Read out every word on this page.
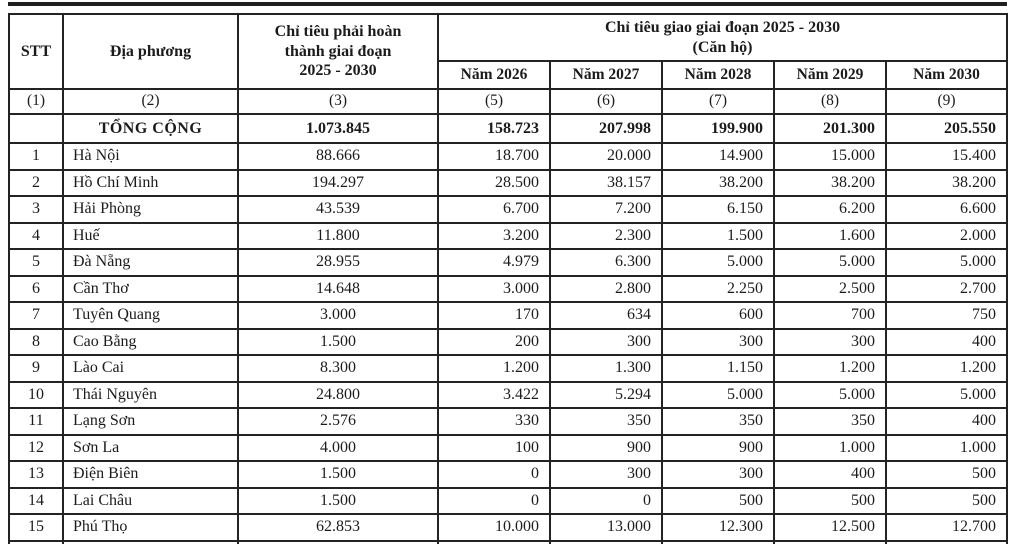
STT	Địa phương	Chỉ tiêu phải hoàn
thành giai đoạn
2025 - 2030	Chỉ tiêu giao giai đoạn 2025 - 2030
(Căn hộ)				

			Năm 2026	Năm 2027	Năm 2028	Năm 2029	Năm 2030
(1)	(2)	(3)	(5)	(6)	(7)	(8)	(9)
	TỔNG CỘNG	1.073.845	158.723	207.998	199.900	201.300	205.550
1	Hà Nội	88.666	18.700	20.000	14.900	15.000	15.400
2	Hồ Chí Minh	194.297	28.500	38.157	38.200	38.200	38.200
3	Hải Phòng	43.539	6.700	7.200	6.150	6.200	6.600
4	Huế	11.800	3.200	2.300	1.500	1.600	2.000
5	Đà Nẵng	28.955	4.979	6.300	5.000	5.000	5.000
6	Cần Thơ	14.648	3.000	2.800	2.250	2.500	2.700
7	Tuyên Quang	3.000	170	634	600	700	750
8	Cao Bằng	1.500	200	300	300	300	400
9	Lào Cai	8.300	1.200	1.300	1.150	1.200	1.200
10	Thái Nguyên	24.800	3.422	5.294	5.000	5.000	5.000
11	Lạng Sơn	2.576	330	350	350	350	400
12	Sơn La	4.000	100	900	900	1.000	1.000
13	Điện Biên	1.500	0	300	300	400	500
14	Lai Châu	1.500	0	0	500	500	500
15	Phú Thọ	62.853	10.000	13.000	12.300	12.500	12.700
